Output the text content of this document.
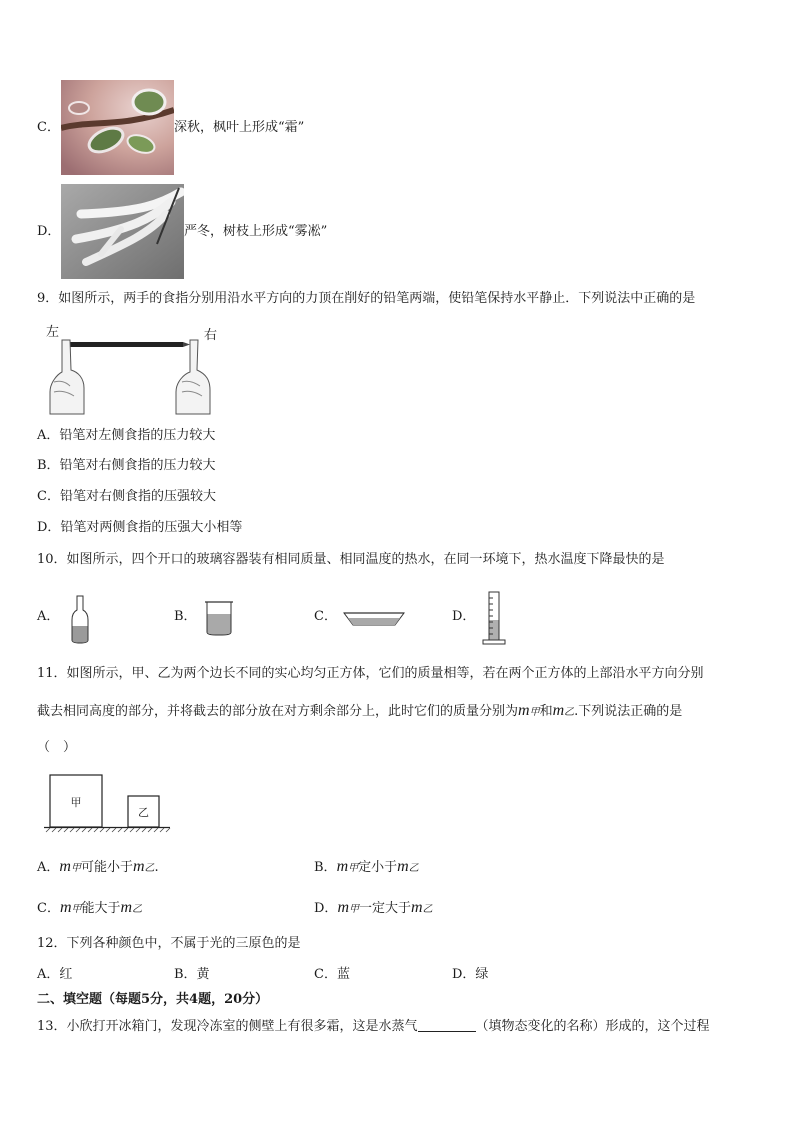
C．	深秋，枫叶上形成“霜”
D．	严冬，树枝上形成“雾凇”
9．如图所示，两手的食指分别用沿水平方向的力顶在削好的铅笔两端，使铅笔保持水平静止．下列说法中正确的是
左	右
A．铅笔对左侧食指的压力较大
B．铅笔对右侧食指的压力较大
C．铅笔对右侧食指的压强较大
D．铅笔对两侧食指的压强大小相等
10．如图所示，四个开口的玻璃容器装有相同质量、相同温度的热水，在同一环境下，热水温度下降最快的是
A．	B．	C．	D．
11．如图所示，甲、乙为两个边长不同的实心均匀正方体，它们的质量相等，若在两个正方体的上部沿水平方向分别
截去相同高度的部分，并将截去的部分放在对方剩余部分上，此时它们的质量分别为m甲和m乙.下列说法正确的是
（　）
甲
乙
A．m甲可能小于m乙.	B．m甲定小于m乙
C．m甲能大于m乙	D．m甲一定大于m乙
12．下列各种颜色中，不属于光的三原色的是
A．红	B．黄	C．蓝	D．绿
二、填空题（每题5分，共4题，20分）
13．小欣打开冰箱门，发现冷冻室的侧壁上有很多霜，这是水蒸气	（填物态变化的名称）形成的，这个过程
